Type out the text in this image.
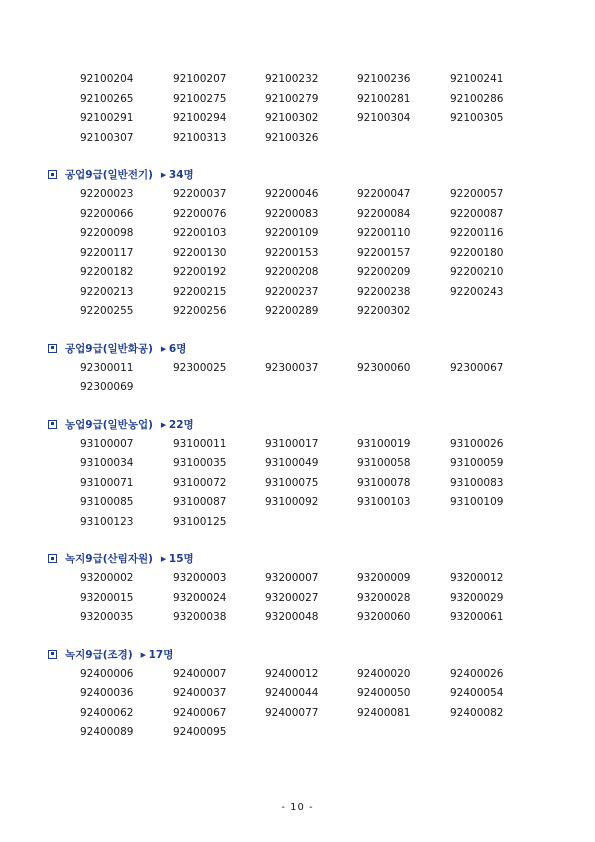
92100204	92100207	92100232	92100236	92100241
92100265	92100275	92100279	92100281	92100286
92100291	92100294	92100302	92100304	92100305
92100307	92100313	92100326
공업9급(일반전기) ▶ 34명
92200023	92200037	92200046	92200047	92200057
92200066	92200076	92200083	92200084	92200087
92200098	92200103	92200109	92200110	92200116
92200117	92200130	92200153	92200157	92200180
92200182	92200192	92200208	92200209	92200210
92200213	92200215	92200237	92200238	92200243
92200255	92200256	92200289	92200302
공업9급(일반화공) ▶ 6명
92300011	92300025	92300037	92300060	92300067
92300069
농업9급(일반농업) ▶ 22명
93100007	93100011	93100017	93100019	93100026
93100034	93100035	93100049	93100058	93100059
93100071	93100072	93100075	93100078	93100083
93100085	93100087	93100092	93100103	93100109
93100123	93100125
녹지9급(산림자원) ▶ 15명
93200002	93200003	93200007	93200009	93200012
93200015	93200024	93200027	93200028	93200029
93200035	93200038	93200048	93200060	93200061
녹지9급(조경) ▶ 17명
92400006	92400007	92400012	92400020	92400026
92400036	92400037	92400044	92400050	92400054
92400062	92400067	92400077	92400081	92400082
92400089	92400095
- 10 -
